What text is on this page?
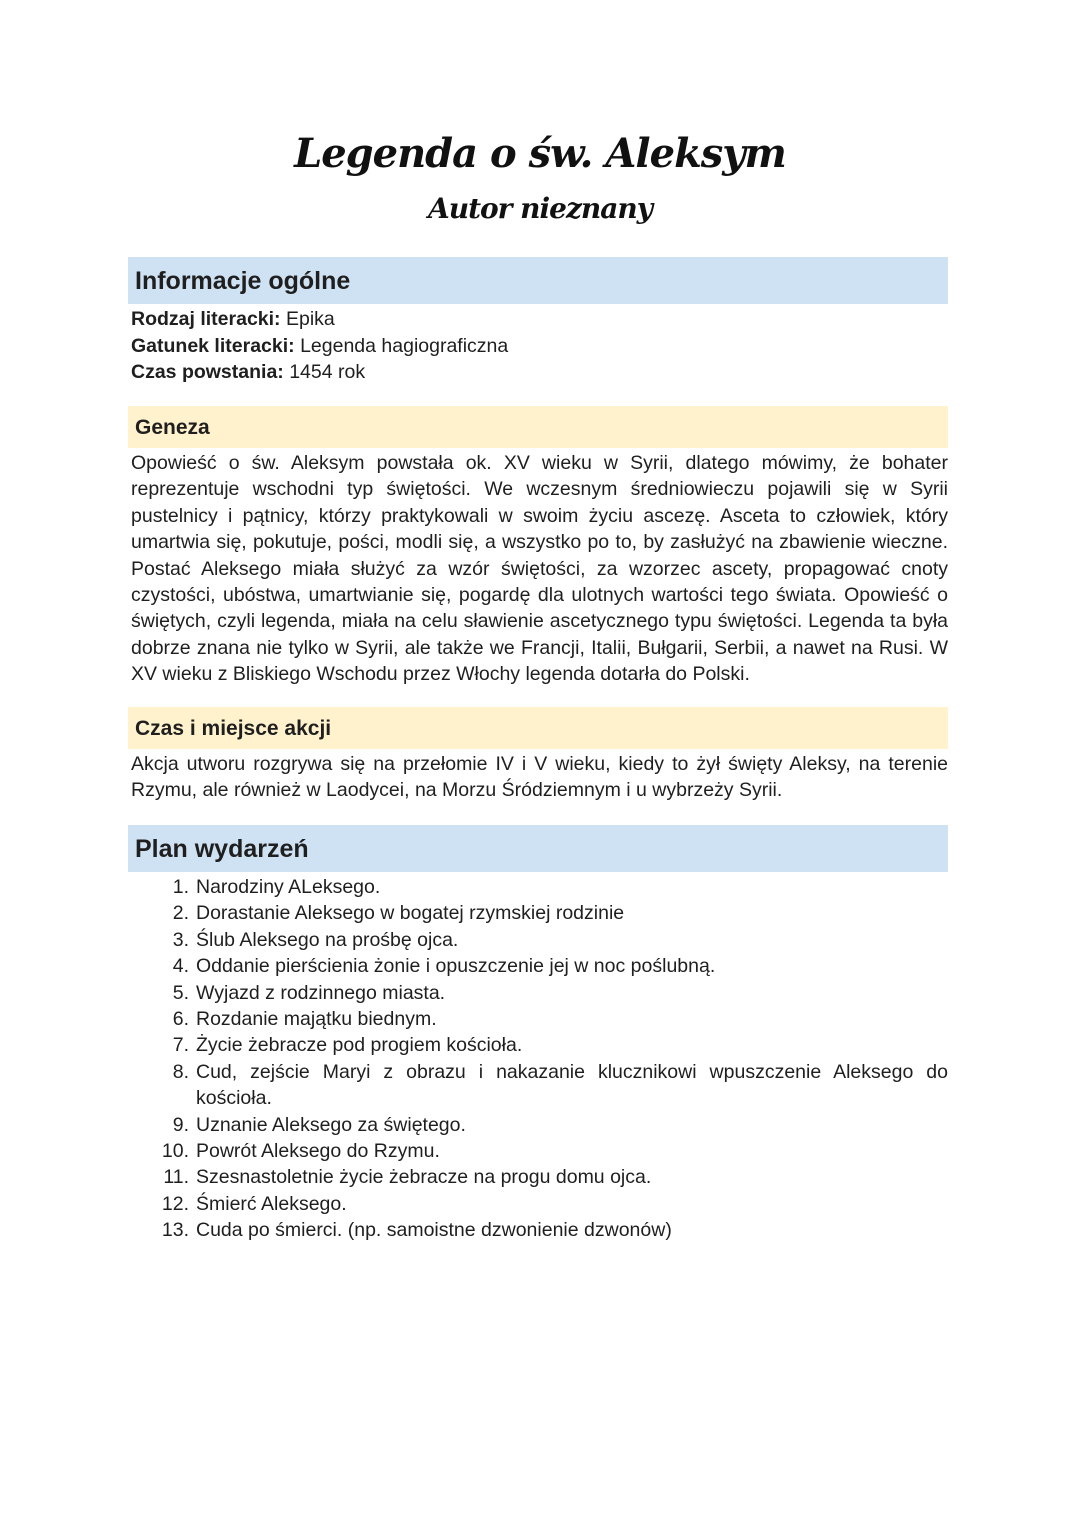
Legenda o św. Aleksym
Autor nieznany
Informacje ogólne
Rodzaj literacki: Epika
Gatunek literacki: Legenda hagiograficzna
Czas powstania: 1454 rok
Geneza
Opowieść o św. Aleksym powstała ok. XV wieku w Syrii, dlatego mówimy, że bohater reprezentuje wschodni typ świętości. We wczesnym średniowieczu pojawili się w Syrii pustelnicy i pątnicy, którzy praktykowali w swoim życiu ascezę. Asceta to człowiek, który umartwia się, pokutuje, pości, modli się, a wszystko po to, by zasłużyć na zbawienie wieczne. Postać Aleksego miała służyć za wzór świętości, za wzorzec ascety, propagować cnoty czystości, ubóstwa, umartwianie się, pogardę dla ulotnych wartości tego świata. Opowieść o świętych, czyli legenda, miała na celu sławienie ascetycznego typu świętości. Legenda ta była dobrze znana nie tylko w Syrii, ale także we Francji, Italii, Bułgarii, Serbii, a nawet na Rusi. W XV wieku z Bliskiego Wschodu przez Włochy legenda dotarła do Polski.
Czas i miejsce akcji
Akcja utworu rozgrywa się na przełomie IV i V wieku, kiedy to żył święty Aleksy, na terenie Rzymu, ale również w Laodycei, na Morzu Śródziemnym i u wybrzeży Syrii.
Plan wydarzeń
1. Narodziny ALeksego.
2. Dorastanie Aleksego w bogatej rzymskiej rodzinie
3. Ślub Aleksego na prośbę ojca.
4. Oddanie pierścienia żonie i opuszczenie jej w noc poślubną.
5. Wyjazd z rodzinnego miasta.
6. Rozdanie majątku biednym.
7. Życie żebracze pod progiem kościoła.
8. Cud, zejście Maryi z obrazu i nakazanie klucznikowi wpuszczenie Aleksego do kościoła.
9. Uznanie Aleksego za świętego.
10. Powrót Aleksego do Rzymu.
11. Szesnastoletnie życie żebracze na progu domu ojca.
12. Śmierć Aleksego.
13. Cuda po śmierci. (np. samoistne dzwonienie dzwonów)
